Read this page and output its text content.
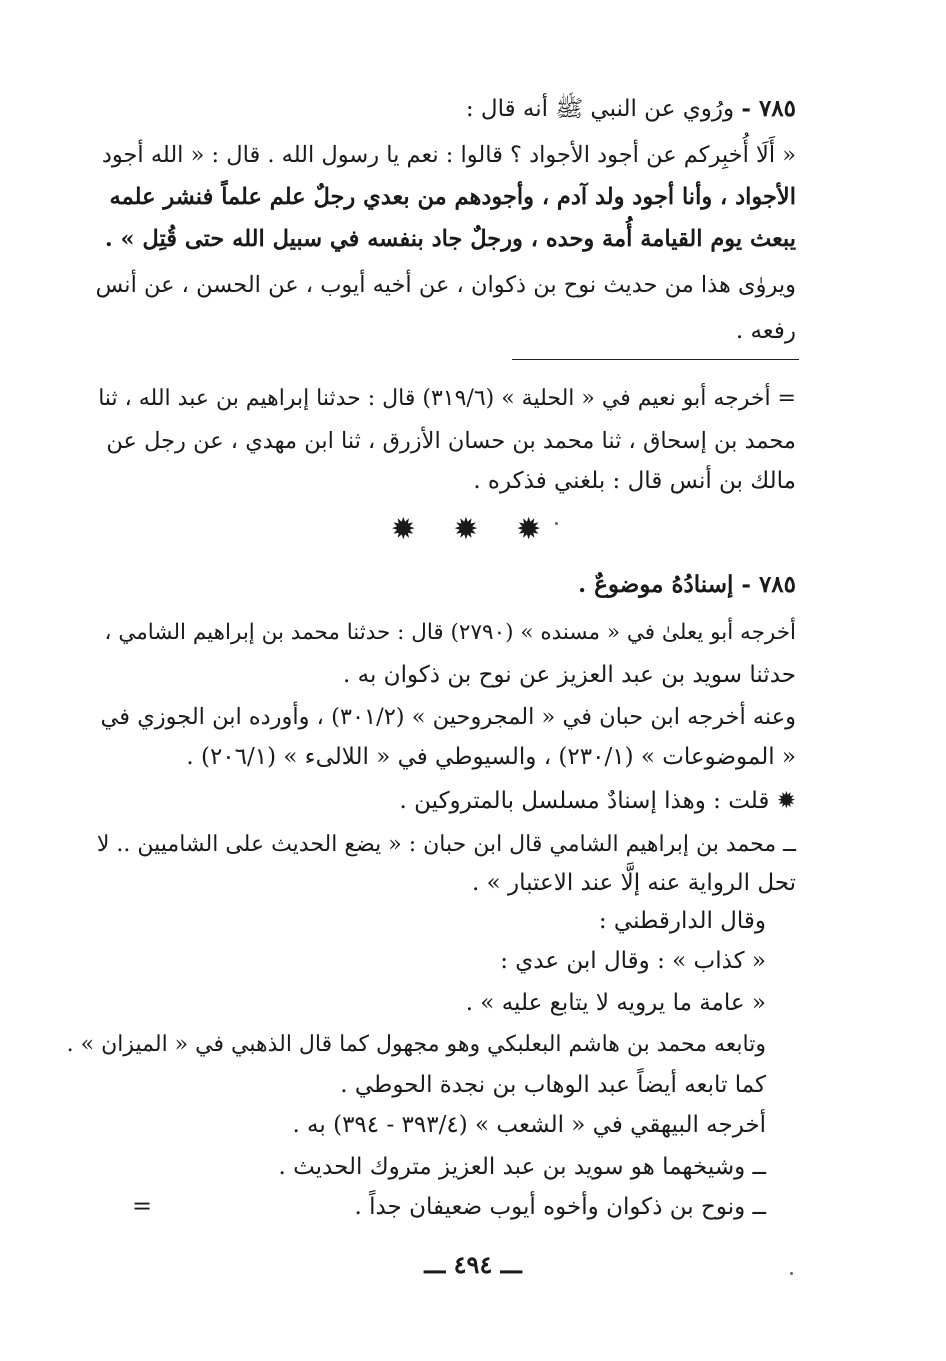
٧٨٥ - ورُوي عن النبي ﷺ أنه قال :
« أَلَا أُخبِركم عن أجود الأجواد ؟ قالوا : نعم يا رسول الله . قال : « الله أجود
الأجواد ، وأنا أجود ولد آدم ، وأجودهم من بعدي رجلٌ علم علماً فنشر علمه
يبعث يوم القيامة أُمة وحده ، ورجلٌ جاد بنفسه في سبيل الله حتى قُتِل » .
ويروٰى هذا من حديث نوح بن ذكوان ، عن أخيه أيوب ، عن الحسن ، عن أنس
رفعه .
= أخرجه أبو نعيم في « الحلية » (٣١٩/٦) قال : حدثنا إبراهيم بن عبد الله ، ثنا
محمد بن إسحاق ، ثنا محمد بن حسان الأزرق ، ثنا ابن مهدي ، عن رجل عن
مالك بن أنس قال : بلغني فذكره .
✹ ✹ ✹
٧٨٥ - إسنادُهُ موضوعٌ .
أخرجه أبو يعلىٰ في « مسنده » (٢٧٩٠) قال : حدثنا محمد بن إبراهيم الشامي ،
حدثنا سويد بن عبد العزيز عن نوح بن ذكوان به .
وعنه أخرجه ابن حبان في « المجروحين » (٣٠١/٢) ، وأورده ابن الجوزي في
« الموضوعات » (٢٣٠/١) ، والسيوطي في « اللالىء » (٢٠٦/١) .
✹ قلت : وهذا إسنادٌ مسلسل بالمتروكين .
ــ محمد بن إبراهيم الشامي قال ابن حبان : « يضع الحديث على الشاميين .. لا
تحل الرواية عنه إلَّا عند الاعتبار » .
وقال الدارقطني :
« كذاب » : وقال ابن عدي :
« عامة ما يرويه لا يتابع عليه » .
وتابعه محمد بن هاشم البعلبكي وهو مجهول كما قال الذهبي في « الميزان » .
كما تابعه أيضاً عبد الوهاب بن نجدة الحوطي .
أخرجه البيهقي في « الشعب » (٣٩٣/٤ - ٣٩٤) به .
ــ وشيخهما هو سويد بن عبد العزيز متروك الحديث .
ــ ونوح بن ذكوان وأخوه أيوب ضعيفان جداً .
=
ـــ ٤٩٤ ـــ
